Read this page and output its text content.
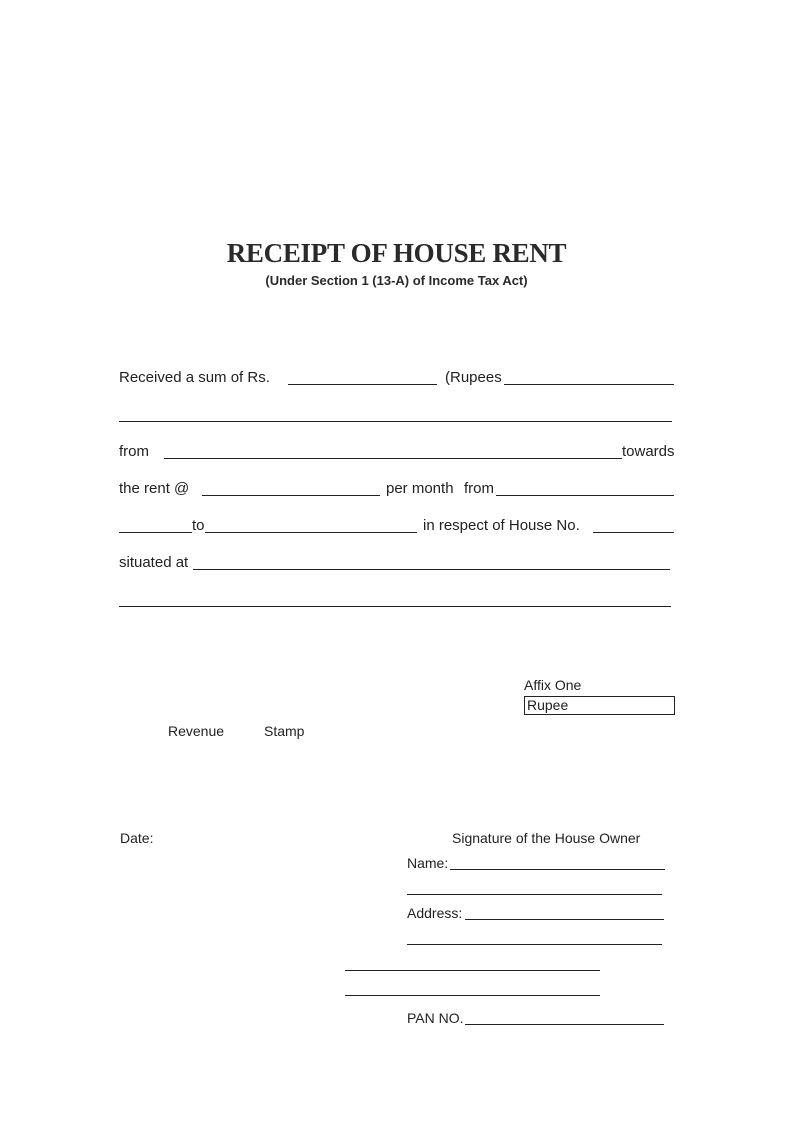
RECEIPT OF HOUSE RENT
(Under Section 1 (13-A) of Income Tax Act)
Received a sum of Rs.	(Rupees
from	towards
the rent @	per month from
to	in respect of House No.
situated at
Affix One
Rupee
Revenue	Stamp
Date:	Signature of the House Owner
Name:
Address:
PAN NO.
